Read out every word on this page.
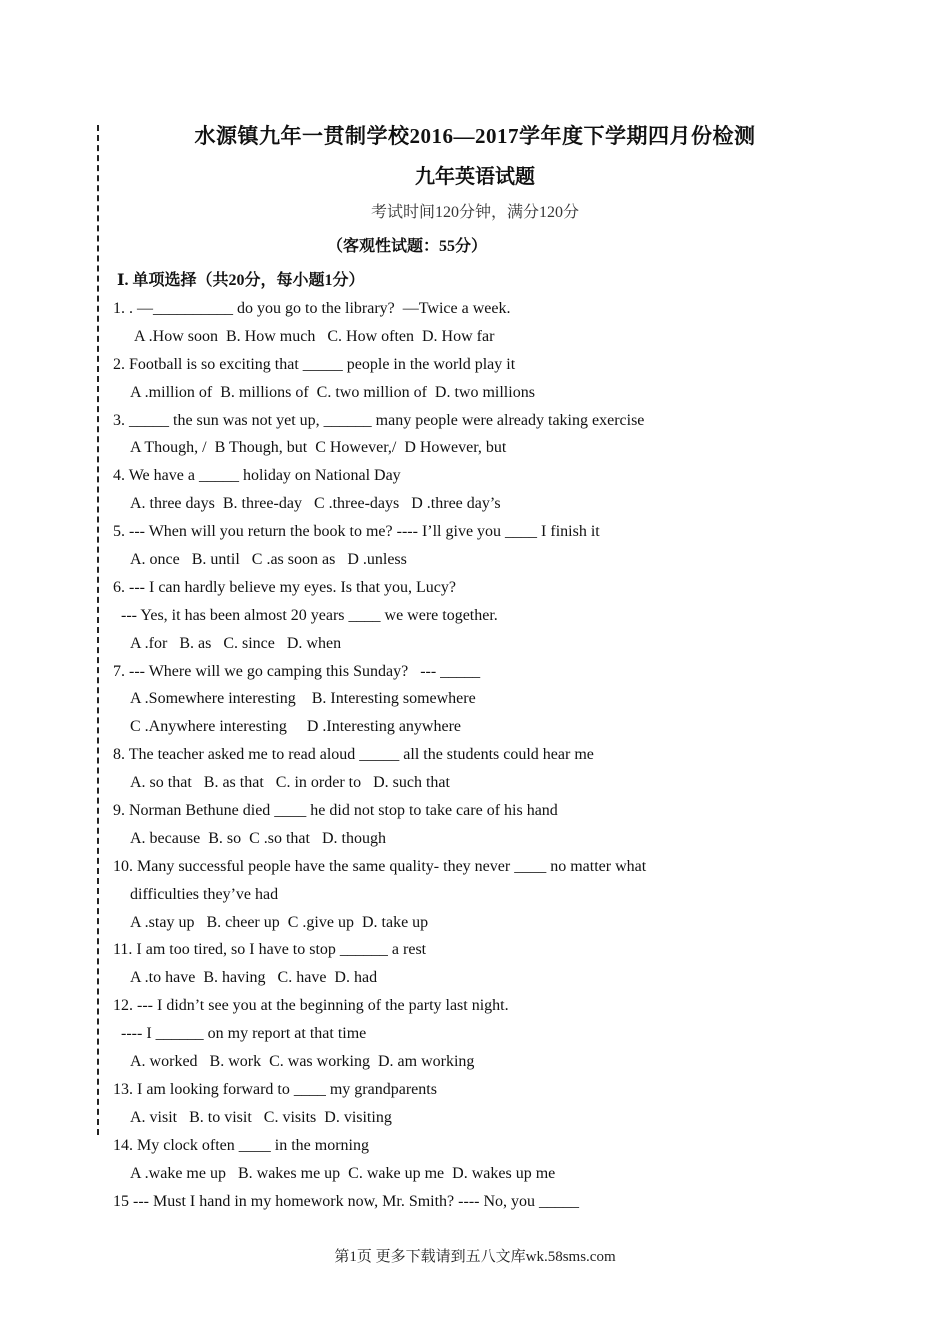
水源镇九年一贯制学校2016—2017学年度下学期四月份检测
九年英语试题
考试时间120分钟，满分120分
（客观性试题：55分）
Ⅰ. 单项选择（共20分，每小题1分）
1. . —__________ do you go to the library?  —Twice a week.
A .How soon  B. How much   C. How often  D. How far
2. Football is so exciting that _____ people in the world play it
A .million of  B. millions of  C. two million of  D. two millions
3. _____ the sun was not yet up, ______ many people were already taking exercise
A Though, /  B Though, but  C However,/  D However, but
4. We have a _____ holiday on National Day
A. three days  B. three-day   C .three-days   D .three day’s
5. --- When will you return the book to me? ---- I’ll give you ____ I finish it
A. once   B. until   C .as soon as   D .unless
6. --- I can hardly believe my eyes. Is that you, Lucy?
--- Yes, it has been almost 20 years ____ we were together.
A .for   B. as   C. since   D. when
7. --- Where will we go camping this Sunday?   --- _____
A .Somewhere interesting    B. Interesting somewhere
C .Anywhere interesting     D .Interesting anywhere
8. The teacher asked me to read aloud _____ all the students could hear me
A. so that   B. as that   C. in order to   D. such that
9. Norman Bethune died ____ he did not stop to take care of his hand
A. because  B. so  C .so that   D. though
10. Many successful people have the same quality- they never ____ no matter what
difficulties they’ve had
A .stay up   B. cheer up  C .give up  D. take up
11. I am too tired, so I have to stop ______ a rest
A .to have  B. having   C. have  D. had
12. --- I didn’t see you at the beginning of the party last night.
---- I ______ on my report at that time
A. worked   B. work  C. was working  D. am working
13. I am looking forward to ____ my grandparents
A. visit   B. to visit   C. visits  D. visiting
14. My clock often ____ in the morning
A .wake me up   B. wakes me up  C. wake up me  D. wakes up me
15 --- Must I hand in my homework now, Mr. Smith? ---- No, you _____
第1页 更多下载请到五八文库wk.58sms.com
